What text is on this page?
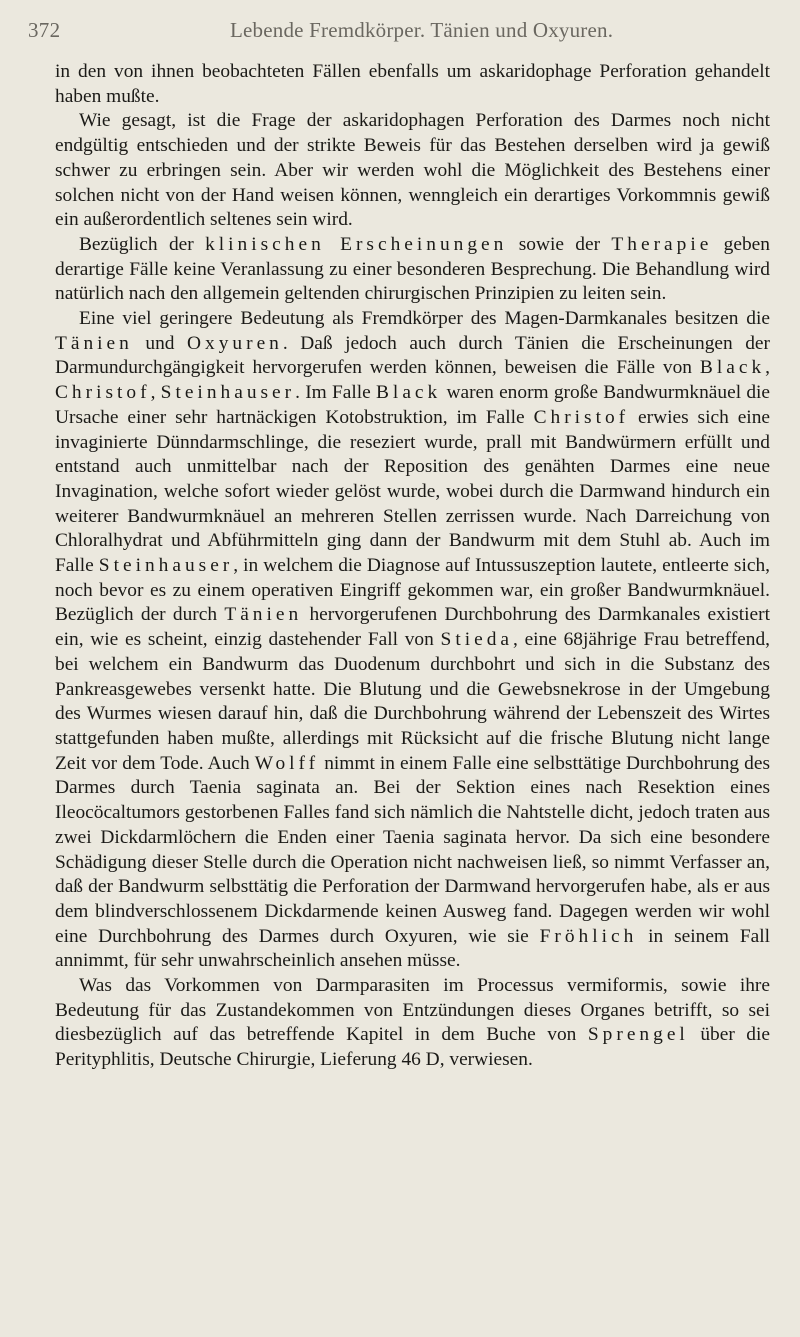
372	Lebende Fremdkörper. Tänien und Oxyuren.

in den von ihnen beobachteten Fällen ebenfalls um askaridophage Perforation gehandelt haben mußte.

Wie gesagt, ist die Frage der askaridophagen Perforation des Darmes noch nicht endgültig entschieden und der strikte Beweis für das Bestehen derselben wird ja gewiß schwer zu erbringen sein. Aber wir werden wohl die Möglichkeit des Bestehens einer solchen nicht von der Hand weisen können, wenngleich ein derartiges Vorkommnis gewiß ein außerordentlich seltenes sein wird.

Bezüglich der klinischen Erscheinungen sowie der Therapie geben derartige Fälle keine Veranlassung zu einer besonderen Besprechung. Die Behandlung wird natürlich nach den allgemein geltenden chirurgischen Prinzipien zu leiten sein.

Eine viel geringere Bedeutung als Fremdkörper des Magen-Darmkanales besitzen die Tänien und Oxyuren. Daß jedoch auch durch Tänien die Erscheinungen der Darmundurchgängigkeit hervorgerufen werden können, beweisen die Fälle von Black, Christof, Steinhauser. Im Falle Black waren enorm große Bandwurmknäuel die Ursache einer sehr hartnäckigen Kotobstruktion, im Falle Christof erwies sich eine invaginierte Dünndarmschlinge, die reseziert wurde, prall mit Bandwürmern erfüllt und entstand auch unmittelbar nach der Reposition des genähten Darmes eine neue Invagination, welche sofort wieder gelöst wurde, wobei durch die Darmwand hindurch ein weiterer Bandwurmknäuel an mehreren Stellen zerrissen wurde. Nach Darreichung von Chloralhydrat und Abführmitteln ging dann der Bandwurm mit dem Stuhl ab. Auch im Falle Steinhauser, in welchem die Diagnose auf Intussuszeption lautete, entleerte sich, noch bevor es zu einem operativen Eingriff gekommen war, ein großer Bandwurmknäuel. Bezüglich der durch Tänien hervorgerufenen Durchbohrung des Darmkanales existiert ein, wie es scheint, einzig dastehender Fall von Stieda, eine 68jährige Frau betreffend, bei welchem ein Bandwurm das Duodenum durchbohrt und sich in die Substanz des Pankreasgewebes versenkt hatte. Die Blutung und die Gewebsnekrose in der Umgebung des Wurmes wiesen darauf hin, daß die Durchbohrung während der Lebenszeit des Wirtes stattgefunden haben mußte, allerdings mit Rücksicht auf die frische Blutung nicht lange Zeit vor dem Tode. Auch Wolff nimmt in einem Falle eine selbsttätige Durchbohrung des Darmes durch Taenia saginata an. Bei der Sektion eines nach Resektion eines Ileocöcaltumors gestorbenen Falles fand sich nämlich die Nahtstelle dicht, jedoch traten aus zwei Dickdarmlöchern die Enden einer Taenia saginata hervor. Da sich eine besondere Schädigung dieser Stelle durch die Operation nicht nachweisen ließ, so nimmt Verfasser an, daß der Bandwurm selbsttätig die Perforation der Darmwand hervorgerufen habe, als er aus dem blindverschlossenem Dickdarmende keinen Ausweg fand. Dagegen werden wir wohl eine Durchbohrung des Darmes durch Oxyuren, wie sie Fröhlich in seinem Fall annimmt, für sehr unwahrscheinlich ansehen müsse.

Was das Vorkommen von Darmparasiten im Processus vermiformis, sowie ihre Bedeutung für das Zustandekommen von Entzündungen dieses Organes betrifft, so sei diesbezüglich auf das betreffende Kapitel in dem Buche von Sprengel über die Perityphlitis, Deutsche Chirurgie, Lieferung 46 D, verwiesen.
